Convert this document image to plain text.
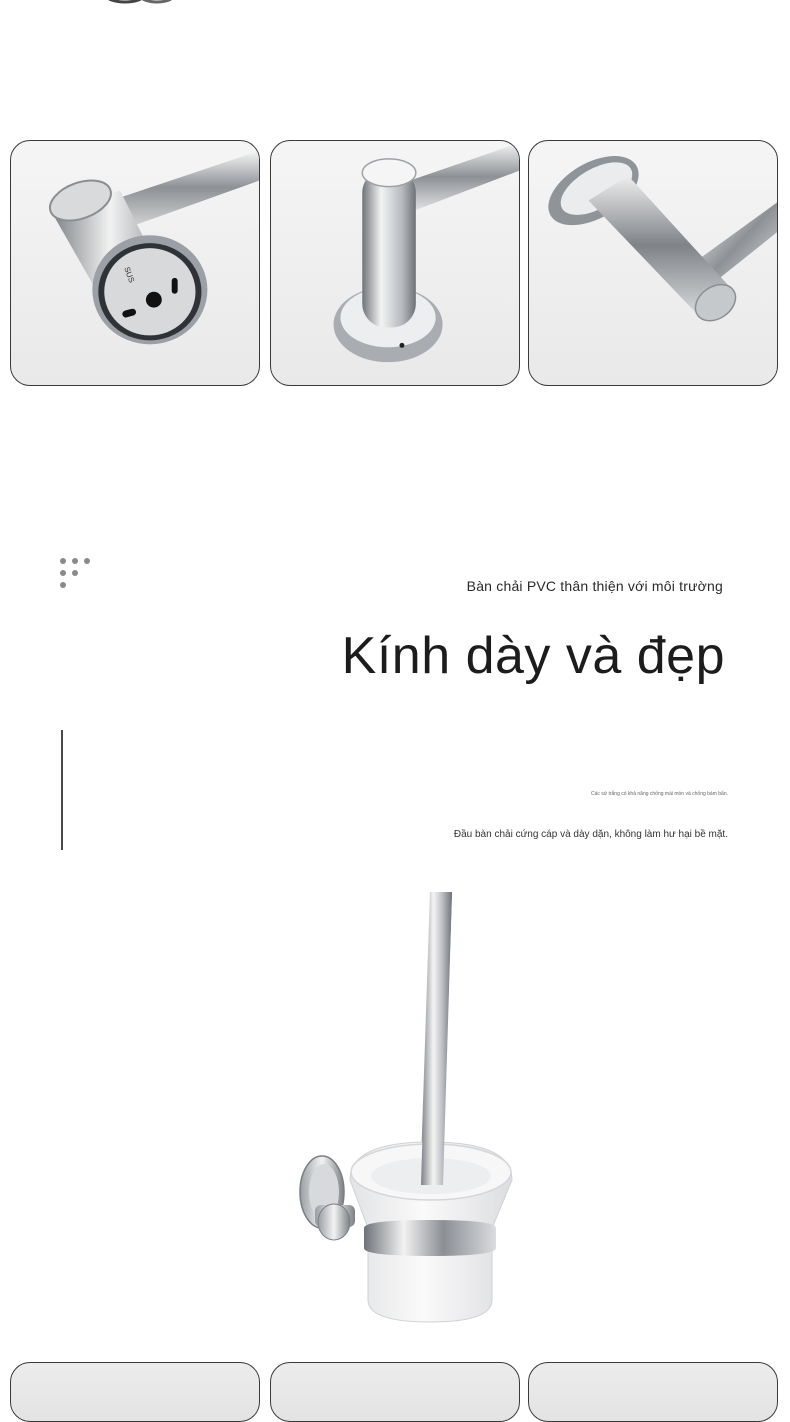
SUS
Bàn chải PVC thân thiện với môi trường
Kính dày và đẹp
Các sứ trắng có khả năng chống mài mòn và chống bám bẩn.
Đầu bàn chải cứng cáp và dày dặn, không làm hư hại bề mặt.
